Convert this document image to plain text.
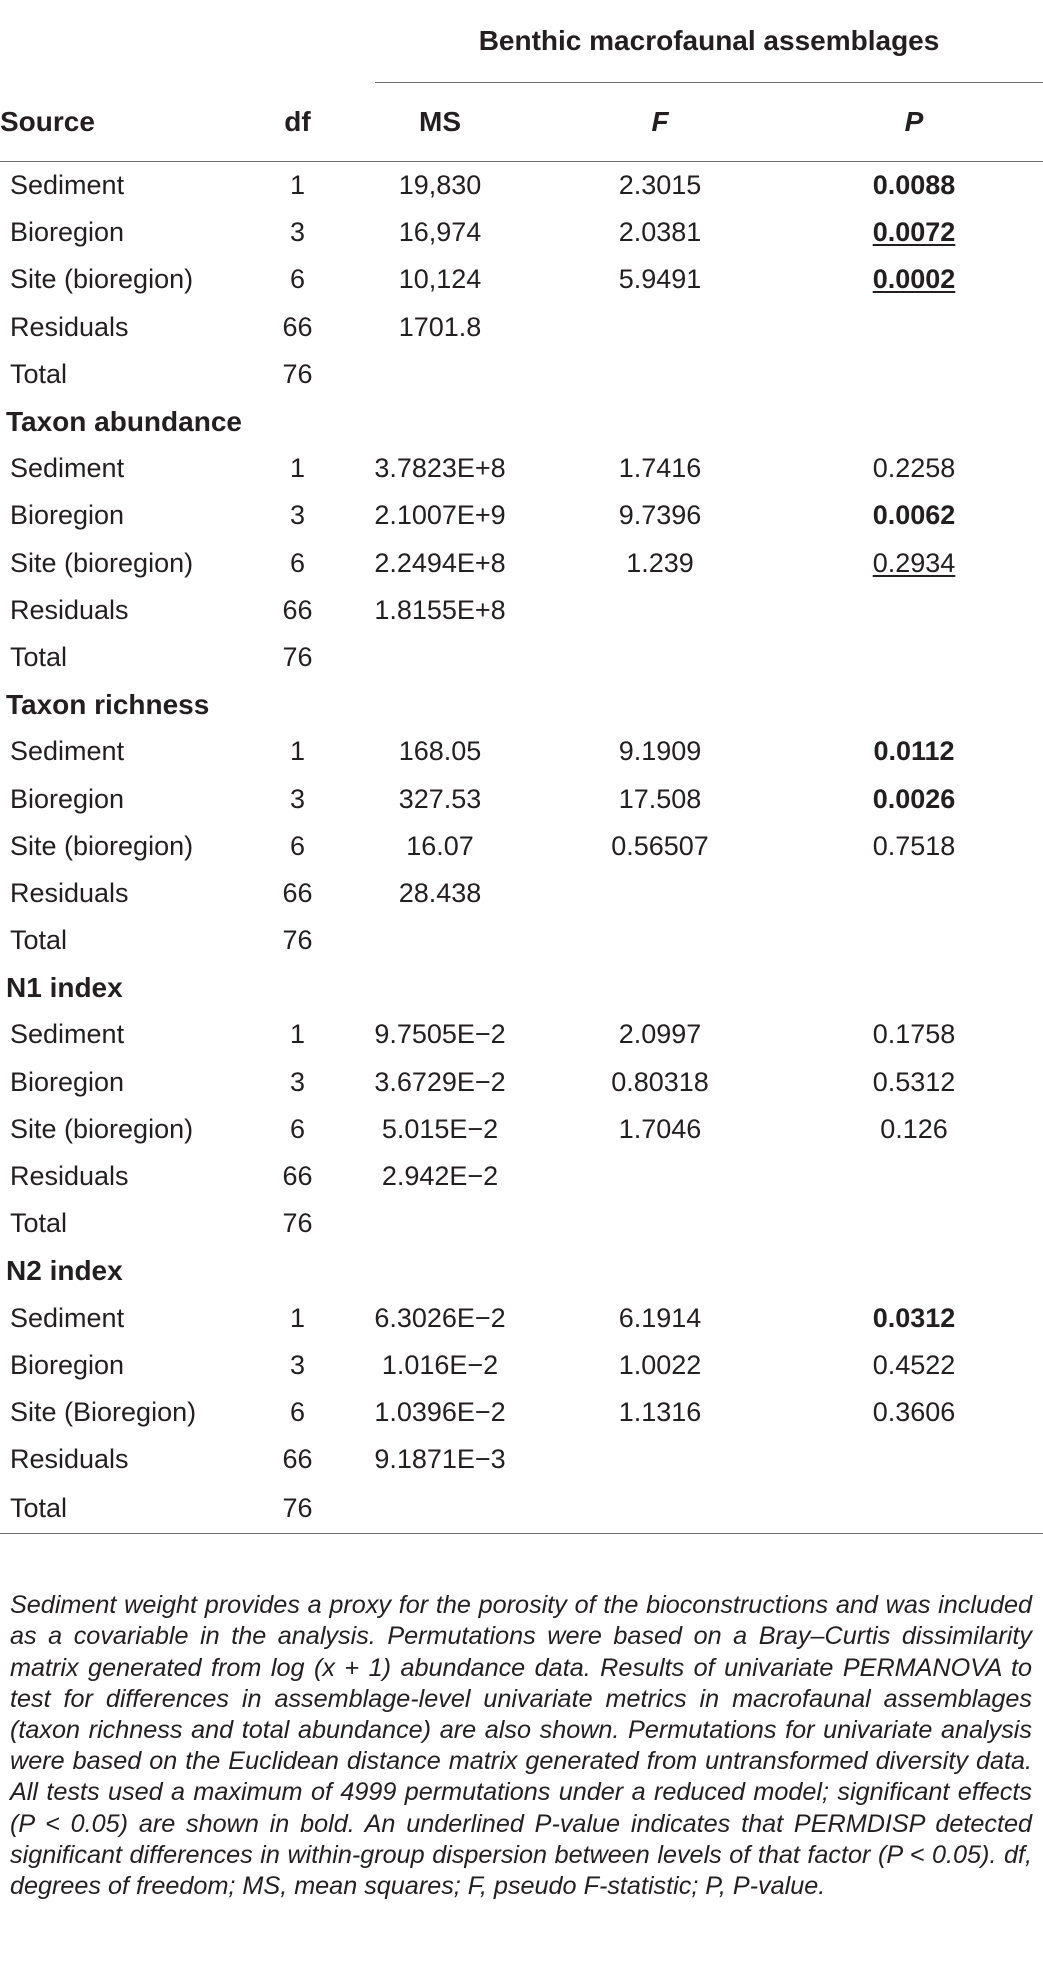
		Benthic macrofaunal assemblages		

Source	df	MS	F	P
Sediment	1	19,830	2.3015	0.0088
Bioregion	3	16,974	2.0381	0.0072
Site (bioregion)	6	10,124	5.9491	0.0002
Residuals	66	1701.8		
Total	76			
Taxon abundance				
Sediment	1	3.7823E+8	1.7416	0.2258
Bioregion	3	2.1007E+9	9.7396	0.0062
Site (bioregion)	6	2.2494E+8	1.239	0.2934
Residuals	66	1.8155E+8		
Total	76			
Taxon richness				
Sediment	1	168.05	9.1909	0.0112
Bioregion	3	327.53	17.508	0.0026
Site (bioregion)	6	16.07	0.56507	0.7518
Residuals	66	28.438		
Total	76			
N1 index				
Sediment	1	9.7505E−2	2.0997	0.1758
Bioregion	3	3.6729E−2	0.80318	0.5312
Site (bioregion)	6	5.015E−2	1.7046	0.126
Residuals	66	2.942E−2		
Total	76			
N2 index				
Sediment	1	6.3026E−2	6.1914	0.0312
Bioregion	3	1.016E−2	1.0022	0.4522
Site (Bioregion)	6	1.0396E−2	1.1316	0.3606
Residuals	66	9.1871E−3		
Total	76			

Sediment weight provides a proxy for the porosity of the bioconstructions and was included as a covariable in the analysis. Permutations were based on a Bray–Curtis dissimilarity matrix generated from log (x + 1) abundance data. Results of univariate PERMANOVA to test for differences in assemblage-level univariate metrics in macrofaunal assemblages (taxon richness and total abundance) are also shown. Permutations for univariate analysis were based on the Euclidean distance matrix generated from untransformed diversity data. All tests used a maximum of 4999 permutations under a reduced model; significant effects (P < 0.05) are shown in bold. An underlined P-value indicates that PERMDISP detected significant differences in within-group dispersion between levels of that factor (P < 0.05). df, degrees of freedom; MS, mean squares; F, pseudo F-statistic; P, P-value.
